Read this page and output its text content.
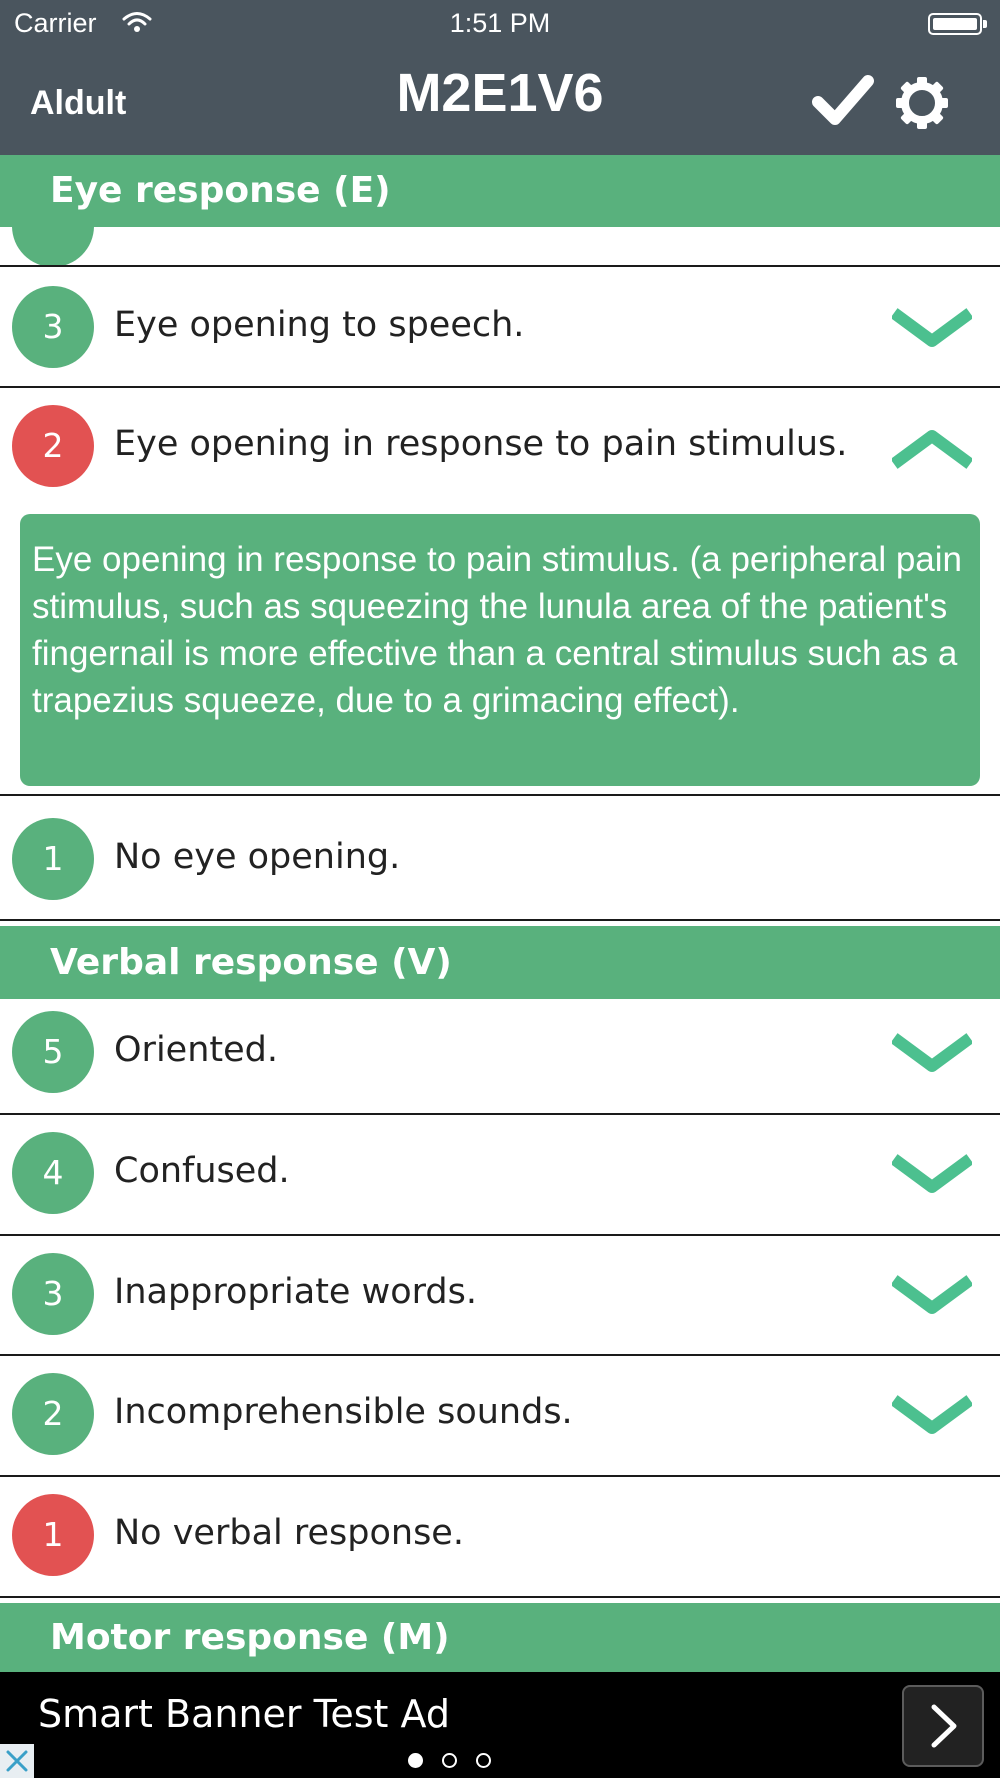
Carrier	1:51 PM
Aldult	M2E1V6
Eye response (E)
3	Eye opening to speech.
2	Eye opening in response to pain stimulus.
Eye opening in response to pain stimulus. (a peripheral pain stimulus, such as squeezing the lunula area of the patient's fingernail is more effective than a central stimulus such as a trapezius squeeze, due to a grimacing effect).
1	No eye opening.
Verbal response (V)
5	Oriented.
4	Confused.
3	Inappropriate words.
2	Incomprehensible sounds.
1	No verbal response.
Motor response (M)
Smart Banner Test Ad
